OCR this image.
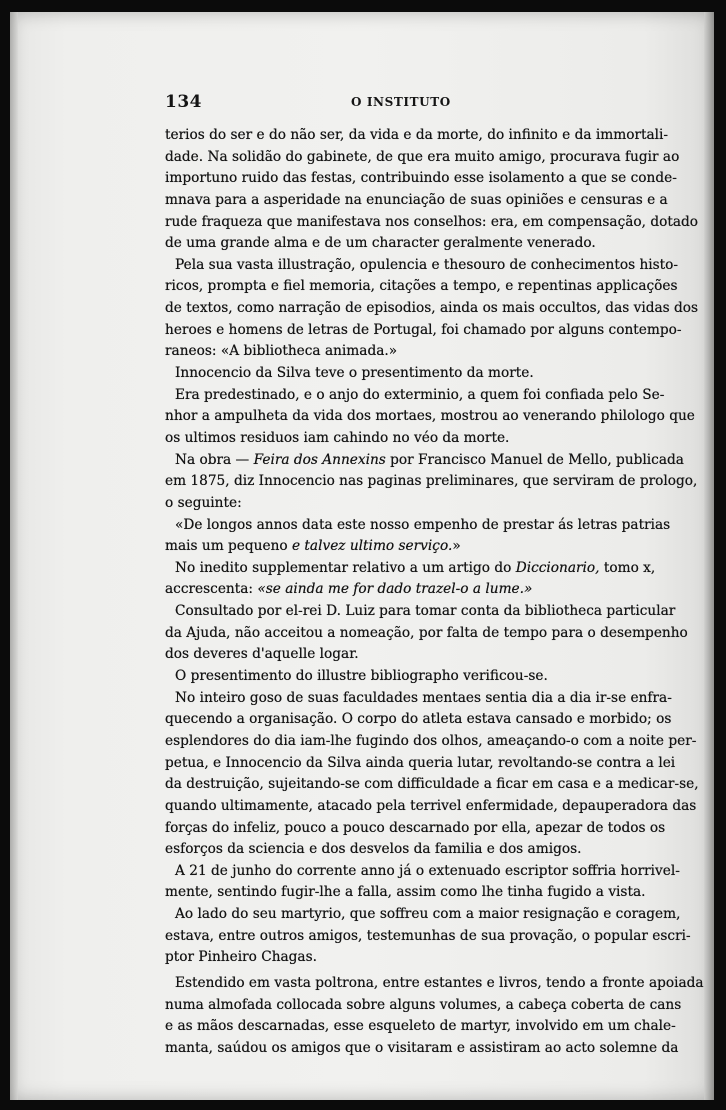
134	O INSTITUTO
terios do ser e do não ser, da vida e da morte, do infinito e da immortali-
dade. Na solidão do gabinete, de que era muito amigo, procurava fugir ao
importuno ruido das festas, contribuindo esse isolamento a que se conde-
mnava para a asperidade na enunciação de suas opiniões e censuras e a
rude fraqueza que manifestava nos conselhos: era, em compensação, dotado
de uma grande alma e de um character geralmente venerado.
Pela sua vasta illustração, opulencia e thesouro de conhecimentos histo-
ricos, prompta e fiel memoria, citações a tempo, e repentinas applicações
de textos, como narração de episodios, ainda os mais occultos, das vidas dos
heroes e homens de letras de Portugal, foi chamado por alguns contempo-
raneos: «A bibliotheca animada.»
Innocencio da Silva teve o presentimento da morte.
Era predestinado, e o anjo do exterminio, a quem foi confiada pelo Se-
nhor a ampulheta da vida dos mortaes, mostrou ao venerando philologo que
os ultimos residuos iam cahindo no véo da morte.
Na obra — Feira dos Annexins por Francisco Manuel de Mello, publicada
em 1875, diz Innocencio nas paginas preliminares, que serviram de prologo,
o seguinte:
«De longos annos data este nosso empenho de prestar ás letras patrias
mais um pequeno e talvez ultimo serviço.»
No inedito supplementar relativo a um artigo do Diccionario, tomo x,
accrescenta: «se ainda me for dado trazel-o a lume.»
Consultado por el-rei D. Luiz para tomar conta da bibliotheca particular
da Ajuda, não acceitou a nomeação, por falta de tempo para o desempenho
dos deveres d'aquelle logar.
O presentimento do illustre bibliographo verificou-se.
No inteiro goso de suas faculdades mentaes sentia dia a dia ir-se enfra-
quecendo a organisação. O corpo do atleta estava cansado e morbido; os
esplendores do dia iam-lhe fugindo dos olhos, ameaçando-o com a noite per-
petua, e Innocencio da Silva ainda queria lutar, revoltando-se contra a lei
da destruição, sujeitando-se com difficuldade a ficar em casa e a medicar-se,
quando ultimamente, atacado pela terrivel enfermidade, depauperadora das
forças do infeliz, pouco a pouco descarnado por ella, apezar de todos os
esforços da sciencia e dos desvelos da familia e dos amigos.
A 21 de junho do corrente anno já o extenuado escriptor soffria horrivel-
mente, sentindo fugir-lhe a falla, assim como lhe tinha fugido a vista.
Ao lado do seu martyrio, que soffreu com a maior resignação e coragem,
estava, entre outros amigos, testemunhas de sua provação, o popular escri-
ptor Pinheiro Chagas.
Estendido em vasta poltrona, entre estantes e livros, tendo a fronte apoiada
numa almofada collocada sobre alguns volumes, a cabeça coberta de cans
e as mãos descarnadas, esse esqueleto de martyr, involvido em um chale-
manta, saúdou os amigos que o visitaram e assistiram ao acto solemne da
